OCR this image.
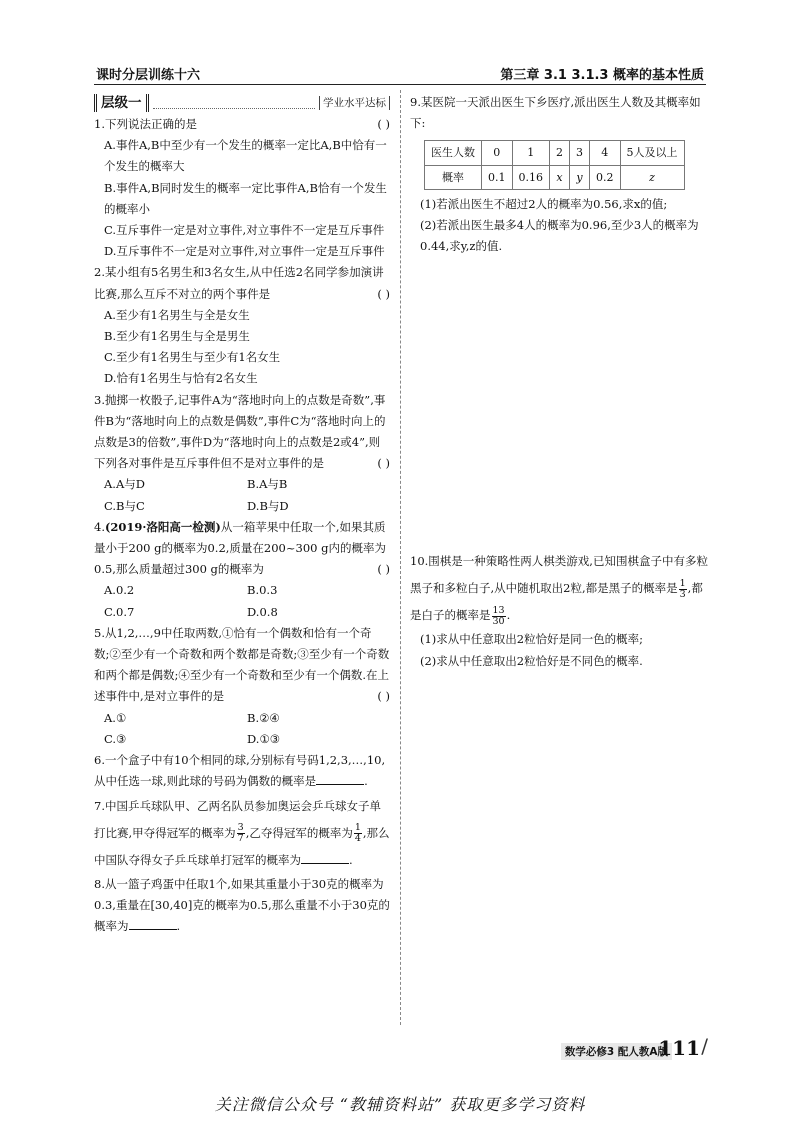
课时分层训练十六	第三章 3.1 3.1.3 概率的基本性质
层级一	学业水平达标

1.下列说法正确的是	( )

A.事件A,B中至少有一个发生的概率一定比A,B中恰有一个发生的概率大

B.事件A,B同时发生的概率一定比事件A,B恰有一个发生的概率小

C.互斥事件一定是对立事件,对立事件不一定是互斥事件

D.互斥事件不一定是对立事件,对立事件一定是互斥事件

2.某小组有5名男生和3名女生,从中任选2名同学参加演讲比赛,那么互斥不对立的两个事件是	( )

A.至少有1名男生与全是女生

B.至少有1名男生与全是男生

C.至少有1名男生与至少有1名女生

D.恰有1名男生与恰有2名女生

3.抛掷一枚骰子,记事件A为“落地时向上的点数是奇数”,事件B为“落地时向上的点数是偶数”,事件C为“落地时向上的点数是3的倍数”,事件D为“落地时向上的点数是2或4”,则下列各对事件是互斥事件但不是对立事件的是	( )

A.A与D	B.A与B
C.B与C	D.B与D

4.(2019·洛阳高一检测)从一箱苹果中任取一个,如果其质量小于200 g的概率为0.2,质量在200~300 g内的概率为0.5,那么质量超过300 g的概率为	( )

A.0.2	B.0.3
C.0.7	D.0.8

5.从1,2,…,9中任取两数,①恰有一个偶数和恰有一个奇数;②至少有一个奇数和两个数都是奇数;③至少有一个奇数和两个都是偶数;④至少有一个奇数和至少有一个偶数.在上述事件中,是对立事件的是	( )

A.①	B.②④
C.③	D.①③

6.一个盒子中有10个相同的球,分别标有号码1,2,3,…,10,从中任选一球,则此球的号码为偶数的概率是	.

7.中国乒乓球队甲、乙两名队员参加奥运会乒乓球女子单打比赛,甲夺得冠军的概率为 $\frac{3}{7}$ ,乙夺得冠军的概率为 $\frac{1}{4}$ ,那么中国队夺得女子乒乓球单打冠军的概率为	.

8.从一篮子鸡蛋中任取1个,如果其重量小于30克的概率为0.3,重量在[30,40]克的概率为0.5,那么重量不小于30克的概率为	.

9.某医院一天派出医生下乡医疗,派出医生人数及其概率如下:

医生人数	0	1	2	3	4	5人及以上
概率	0.1	0.16	x	y	0.2	z

(1)若派出医生不超过2人的概率为0.56,求x的值;

(2)若派出医生最多4人的概率为0.96,至少3人的概率为0.44,求y,z的值.

10.围棋是一种策略性两人棋类游戏,已知围棋盒子中有多粒黑子和多粒白子,从中随机取出2粒,都是黑子的概率是 $\frac{1}{3}$ ,都是白子的概率是 $\frac{13}{30}$ .

(1)求从中任意取出2粒恰好是同一色的概率;

(2)求从中任意取出2粒恰好是不同色的概率.

数学必修3 配人教A版
111 /
关注微信公众号 “教辅资料站” 获取更多学习资料
